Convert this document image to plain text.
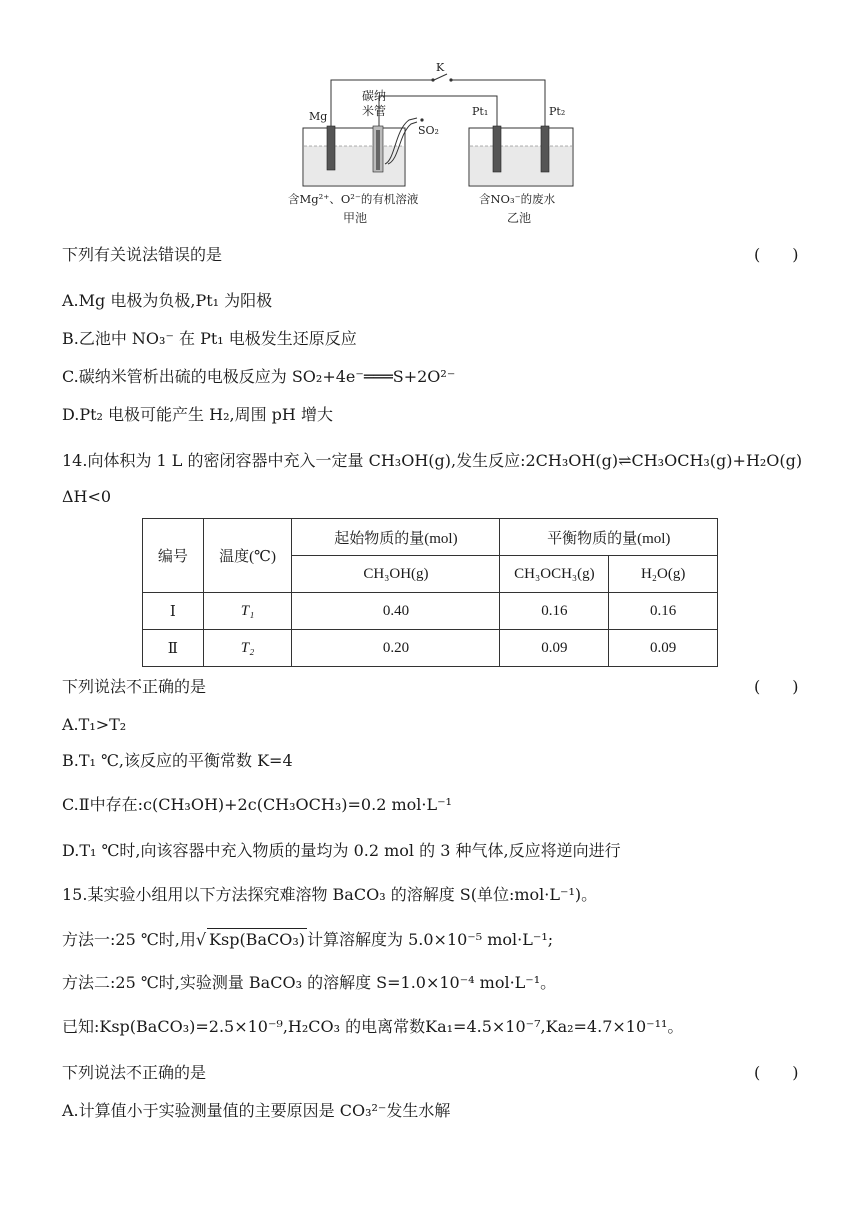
K
Mg
碳纳
米管
SO₂
含Mg²⁺、O²⁻的有机溶液
甲池
Pt₁	Pt₂
含NO₃⁻的废水
乙池
下列有关说法错误的是	(　　)
A.Mg 电极为负极,Pt₁ 为阳极
B.乙池中 NO₃⁻ 在 Pt₁ 电极发生还原反应
C.碳纳米管析出硫的电极反应为 SO₂+4e⁻═══S+2O²⁻
D.Pt₂ 电极可能产生 H₂,周围 pH 增大
14.向体积为 1 L 的密闭容器中充入一定量 CH₃OH(g),发生反应:2CH₃OH(g)⇌CH₃OCH₃(g)+H₂O(g)
ΔH<0
编号	温度(℃)	起始物质的量(mol)	平衡物质的量(mol)	
		CH₃OH(g)	CH₃OCH₃(g)	H₂O(g)
Ⅰ	T₁	0.40	0.16	0.16
Ⅱ	T₂	0.20	0.09	0.09
下列说法不正确的是	(　　)
A.T₁>T₂
B.T₁ ℃,该反应的平衡常数 K=4
C.Ⅱ中存在:c(CH₃OH)+2c(CH₃OCH₃)=0.2 mol·L⁻¹
D.T₁ ℃时,向该容器中充入物质的量均为 0.2 mol 的 3 种气体,反应将逆向进行
15.某实验小组用以下方法探究难溶物 BaCO₃ 的溶解度 S(单位:mol·L⁻¹)。
方法一:25 ℃时,用√ Ksp(BaCO₃) 计算溶解度为 5.0×10⁻⁵ mol·L⁻¹;
方法二:25 ℃时,实验测量 BaCO₃ 的溶解度 S=1.0×10⁻⁴ mol·L⁻¹。
已知:Ksp(BaCO₃)=2.5×10⁻⁹,H₂CO₃ 的电离常数Ka₁=4.5×10⁻⁷,Ka₂=4.7×10⁻¹¹。
下列说法不正确的是	(　　)
A.计算值小于实验测量值的主要原因是 CO₃²⁻发生水解
